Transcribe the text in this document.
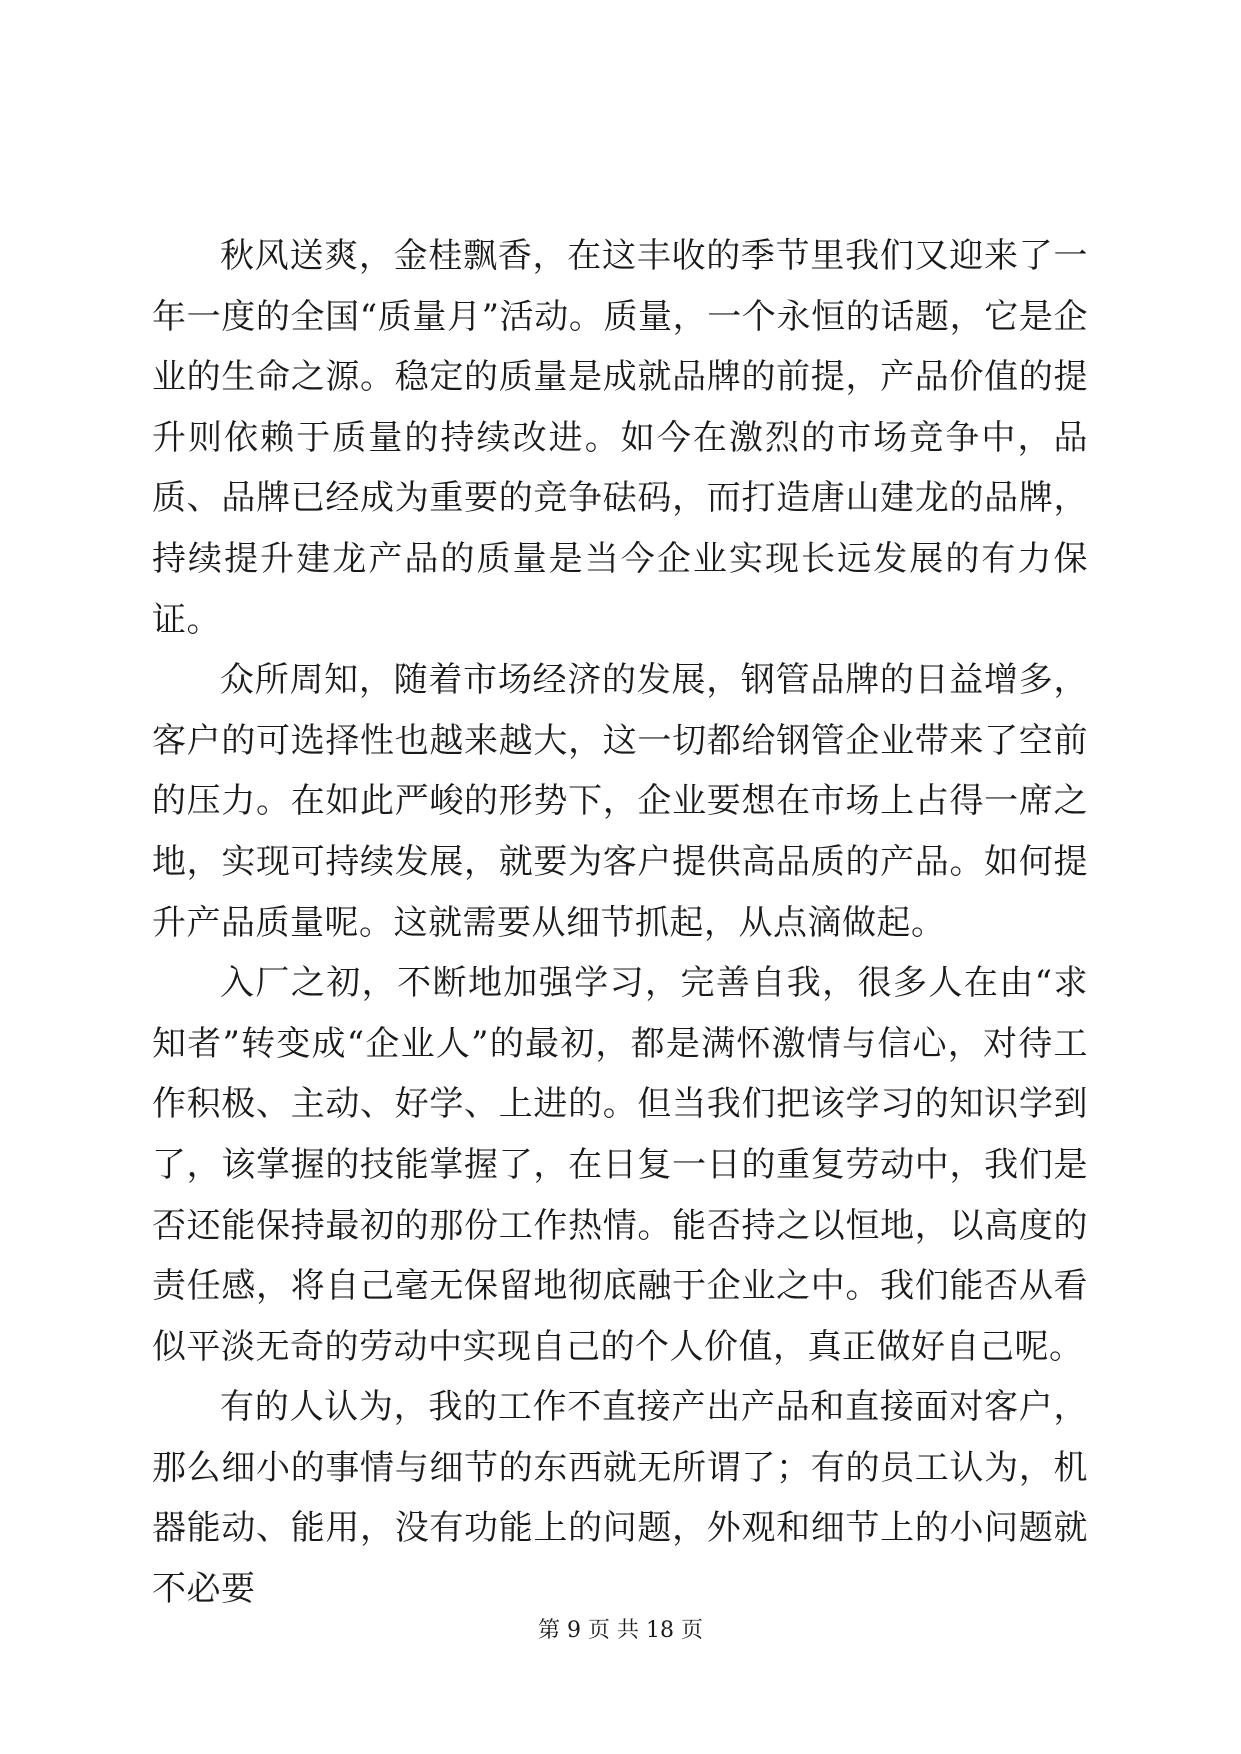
秋风送爽，金桂飘香，在这丰收的季节里我们又迎来了一年一度的全国“质量月”活动。质量，一个永恒的话题，它是企业的生命之源。稳定的质量是成就品牌的前提，产品价值的提升则依赖于质量的持续改进。如今在激烈的市场竞争中，品质、品牌已经成为重要的竞争砝码，而打造唐山建龙的品牌，持续提升建龙产品的质量是当今企业实现长远发展的有力保证。

众所周知，随着市场经济的发展，钢管品牌的日益增多，客户的可选择性也越来越大，这一切都给钢管企业带来了空前的压力。在如此严峻的形势下，企业要想在市场上占得一席之地，实现可持续发展，就要为客户提供高品质的产品。如何提升产品质量呢。这就需要从细节抓起，从点滴做起。

入厂之初，不断地加强学习，完善自我，很多人在由“求知者”转变成“企业人”的最初，都是满怀激情与信心，对待工作积极、主动、好学、上进的。但当我们把该学习的知识学到了，该掌握的技能掌握了，在日复一日的重复劳动中，我们是否还能保持最初的那份工作热情。能否持之以恒地，以高度的责任感，将自己毫无保留地彻底融于企业之中。我们能否从看似平淡无奇的劳动中实现自己的个人价值，真正做好自己呢。

有的人认为，我的工作不直接产出产品和直接面对客户，那么细小的事情与细节的东西就无所谓了；有的员工认为，机器能动、能用，没有功能上的问题，外观和细节上的小问题就不必要

第 9 页 共 18 页
